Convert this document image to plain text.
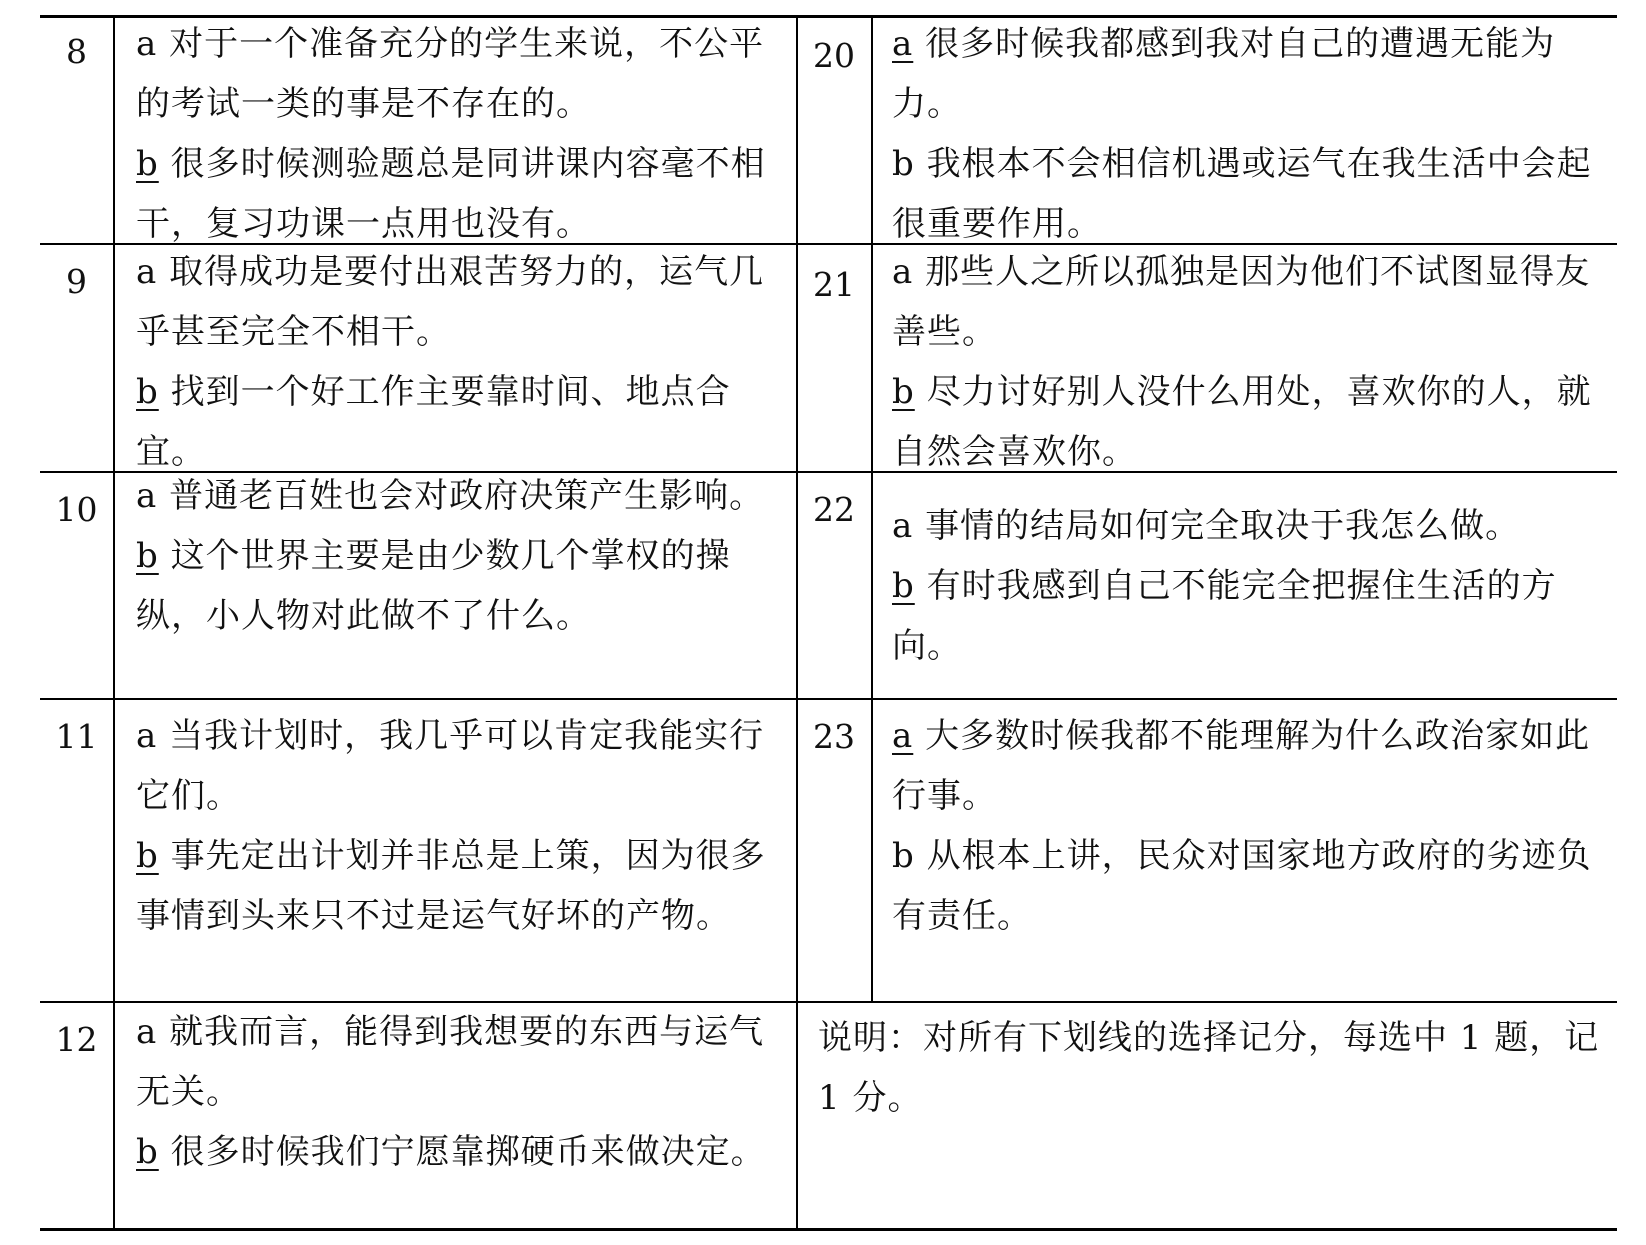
8
9
10
11
12
20
21
22
23

a 对于一个准备充分的学生来说，不公平的考试一类的事是不存在的。

b 很多时候测验题总是同讲课内容毫不相干，复习功课一点用也没有。

a 取得成功是要付出艰苦努力的，运气几乎甚至完全不相干。

b 找到一个好工作主要靠时间、地点合宜。

a 普通老百姓也会对政府决策产生影响。

b 这个世界主要是由少数几个掌权的操纵，小人物对此做不了什么。

a 当我计划时，我几乎可以肯定我能实行它们。

b 事先定出计划并非总是上策，因为很多事情到头来只不过是运气好坏的产物。

a 就我而言，能得到我想要的东西与运气无关。

b 很多时候我们宁愿靠掷硬币来做决定。

a 很多时候我都感到我对自己的遭遇无能为力。

b 我根本不会相信机遇或运气在我生活中会起很重要作用。

a 那些人之所以孤独是因为他们不试图显得友善些。

b 尽力讨好别人没什么用处，喜欢你的人，就自然会喜欢你。

a 事情的结局如何完全取决于我怎么做。

b 有时我感到自己不能完全把握住生活的方向。

a 大多数时候我都不能理解为什么政治家如此行事。

b 从根本上讲，民众对国家地方政府的劣迹负有责任。

说明：对所有下划线的选择记分，每选中 1 题，记 1 分。
